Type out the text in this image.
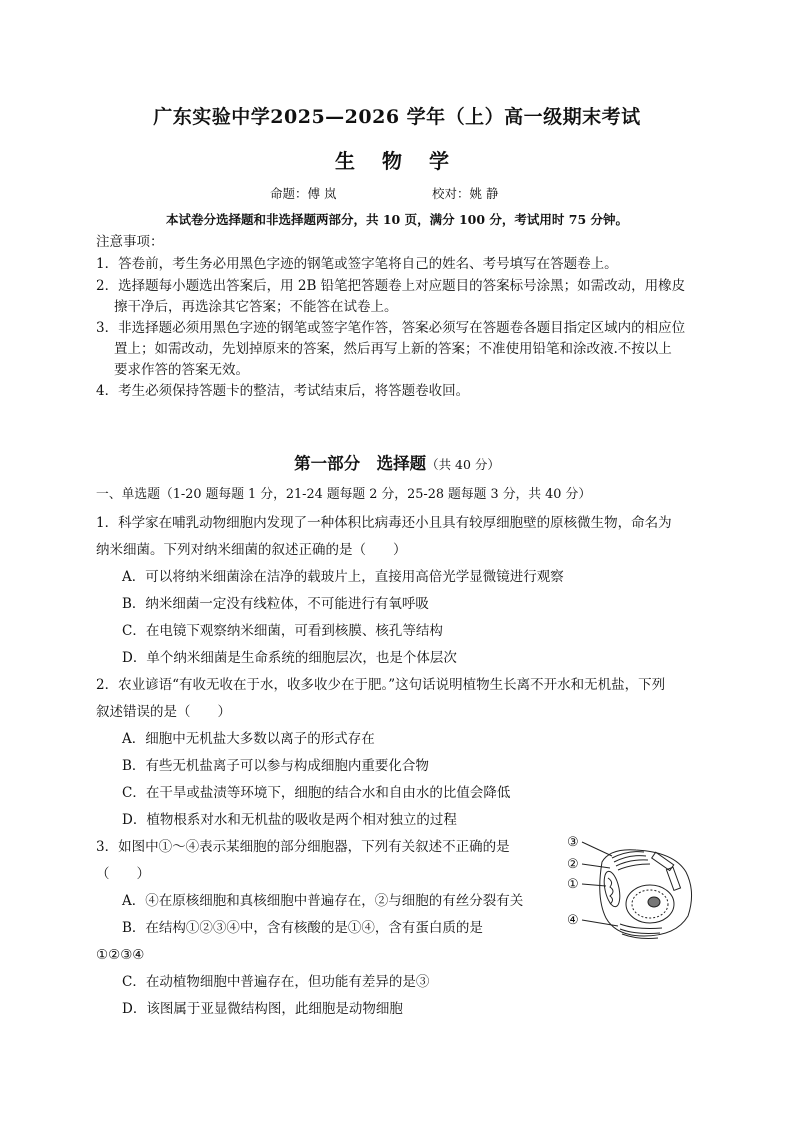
广东实验中学2025—2026 学年（上）高一级期末考试
生 物 学
命题：傅 岚	校对：姚 静
本试卷分选择题和非选择题两部分，共 10 页，满分 100 分，考试用时 75 分钟。
注意事项：
1．答卷前，考生务必用黑色字迹的钢笔或签字笔将自己的姓名、考号填写在答题卷上。
2．选择题每小题选出答案后，用 2B 铅笔把答题卷上对应题目的答案标号涂黑；如需改动，用橡皮
擦干净后，再选涂其它答案；不能答在试卷上。
3．非选择题必须用黑色字迹的钢笔或签字笔作答，答案必须写在答题卷各题目指定区域内的相应位
置上；如需改动，先划掉原来的答案，然后再写上新的答案；不准使用铅笔和涂改液.不按以上
要求作答的答案无效。
4．考生必须保持答题卡的整洁，考试结束后，将答题卷收回。
第一部分　选择题（共 40 分）
一、单选题（1-20 题每题 1 分，21-24 题每题 2 分，25-28 题每题 3 分，共 40 分）
1．科学家在哺乳动物细胞内发现了一种体积比病毒还小且具有较厚细胞壁的原核微生物，命名为
纳米细菌。下列对纳米细菌的叙述正确的是（　　）
A．可以将纳米细菌涂在洁净的载玻片上，直接用高倍光学显微镜进行观察
B．纳米细菌一定没有线粒体，不可能进行有氧呼吸
C．在电镜下观察纳米细菌，可看到核膜、核孔等结构
D．单个纳米细菌是生命系统的细胞层次，也是个体层次
2．农业谚语“有收无收在于水，收多收少在于肥。”这句话说明植物生长离不开水和无机盐，下列
叙述错误的是（　　）
A．细胞中无机盐大多数以离子的形式存在
B．有些无机盐离子可以参与构成细胞内重要化合物
C．在干旱或盐渍等环境下，细胞的结合水和自由水的比值会降低
D．植物根系对水和无机盐的吸收是两个相对独立的过程
3．如图中①～④表示某细胞的部分细胞器，下列有关叙述不正确的是
（　　）
A．④在原核细胞和真核细胞中普遍存在，②与细胞的有丝分裂有关
B．在结构①②③④中，含有核酸的是①④，含有蛋白质的是
①②③④
C．在动植物细胞中普遍存在，但功能有差异的是③
D．该图属于亚显微结构图，此细胞是动物细胞
③
②
①
④
